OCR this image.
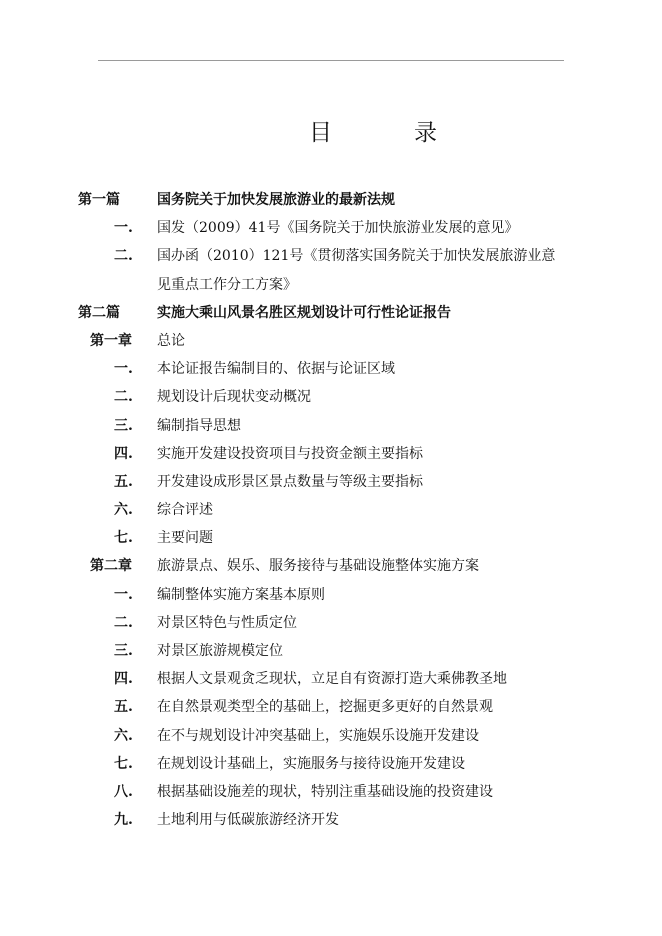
目	录
第一篇	国务院关于加快发展旅游业的最新法规
一. 国发（2009）41号《国务院关于加快旅游业发展的意见》
二. 国办函（2010）121号《贯彻落实国务院关于加快发展旅游业意
见重点工作分工方案》
第二篇	实施大乘山风景名胜区规划设计可行性论证报告
第一章 总论
一. 本论证报告编制目的、依据与论证区域
二. 规划设计后现状变动概况
三. 编制指导思想
四. 实施开发建设投资项目与投资金额主要指标
五. 开发建设成形景区景点数量与等级主要指标
六. 综合评述
七. 主要问题
第二章 旅游景点、娱乐、服务接待与基础设施整体实施方案
一. 编制整体实施方案基本原则
二. 对景区特色与性质定位
三. 对景区旅游规模定位
四. 根据人文景观贪乏现状，立足自有资源打造大乘佛教圣地
五. 在自然景观类型全的基础上，挖掘更多更好的自然景观
六. 在不与规划设计冲突基础上，实施娱乐设施开发建设
七. 在规划设计基础上，实施服务与接待设施开发建设
八. 根据基础设施差的现状，特别注重基础设施的投资建设
九. 土地利用与低碳旅游经济开发
